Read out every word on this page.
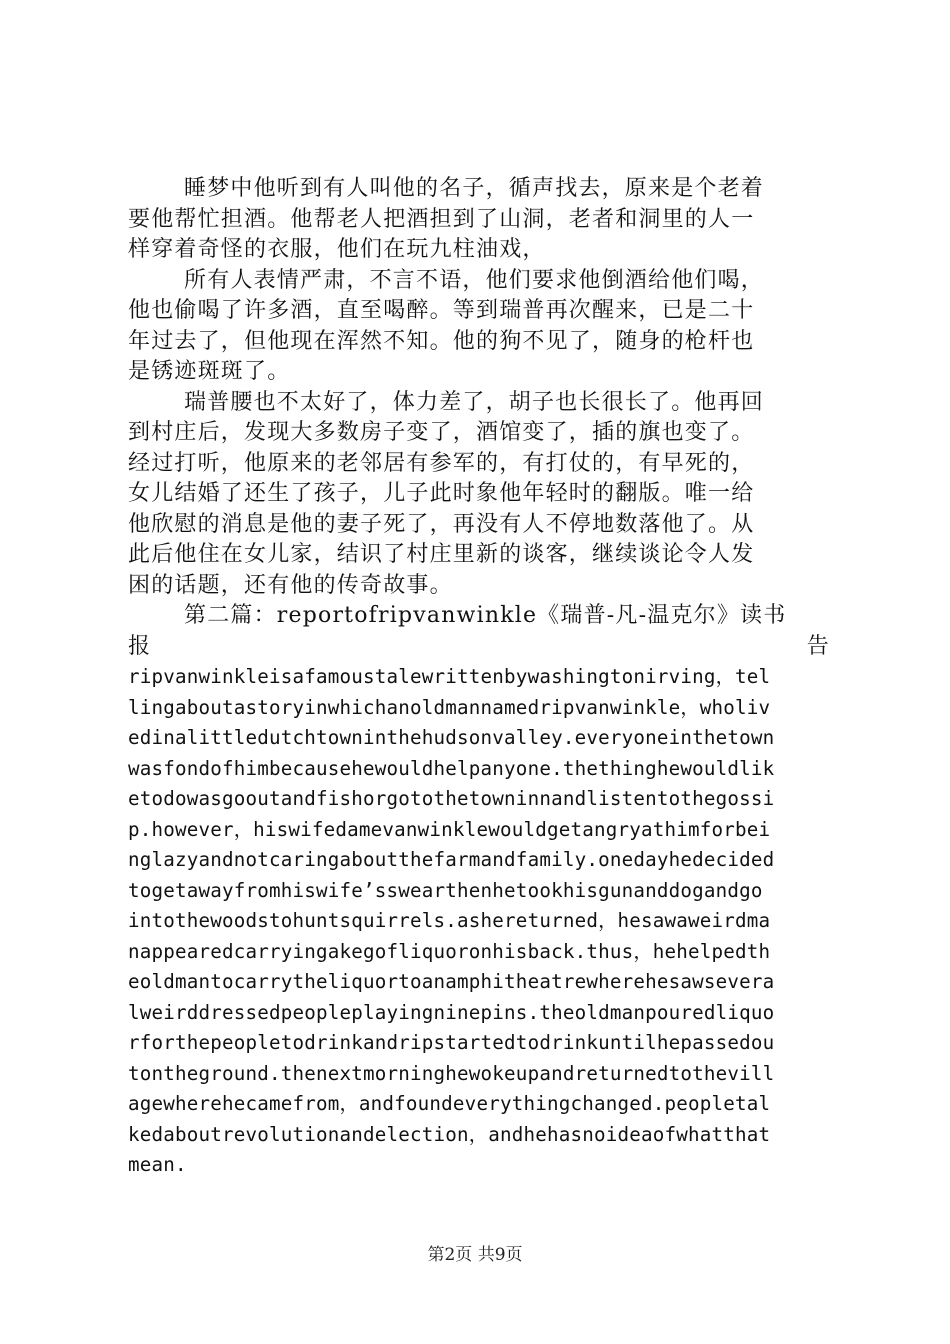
睡梦中他听到有人叫他的名子，循声找去，原来是个老着
要他帮忙担酒。他帮老人把酒担到了山洞，老者和洞里的人一
样穿着奇怪的衣服，他们在玩九柱油戏，
所有人表情严肃，不言不语，他们要求他倒酒给他们喝，
他也偷喝了许多酒，直至喝醉。等到瑞普再次醒来，已是二十
年过去了，但他现在浑然不知。他的狗不见了，随身的枪杆也
是锈迹斑斑了。
瑞普腰也不太好了，体力差了，胡子也长很长了。他再回
到村庄后，发现大多数房子变了，酒馆变了，插的旗也变了。
经过打听，他原来的老邻居有参军的，有打仗的，有早死的，
女儿结婚了还生了孩子，儿子此时象他年轻时的翻版。唯一给
他欣慰的消息是他的妻子死了，再没有人不停地数落他了。从
此后他住在女儿家，结识了村庄里新的谈客，继续谈论令人发
困的话题，还有他的传奇故事。
第二篇：reportofripvanwinkle《瑞普-凡-温克尔》读书
报	告
ripvanwinkleisafamoustalewrittenbywashingtonirving，tel
lingaboutastoryinwhichanoldmannamedripvanwinkle，wholiv
edinalittledutchtowninthehudsonvalley.everyoneinthetown
wasfondofhimbecausehewouldhelpanyone.thethinghewouldlik
etodowasgooutandfishorgotothetowninnandlistentothegossi
p.however，hiswifedamevanwinklewouldgetangryathimforbei
nglazyandnotcaringaboutthefarmandfamily.onedayhedecided
togetawayfromhiswife’sswearthenhetookhisgunanddogandgo
intothewoodstohuntsquirrels.ashereturned，hesawaweirdma
nappearedcarryingakegofliquoronhisback.thus，hehelpedth
eoldmantocarrytheliquortoanamphitheatrewherehesawsevera
lweirddressedpeopleplayingninepins.theoldmanpouredliquo
rforthepeopletodrinkandripstartedtodrinkuntilhepassedou
tontheground.thenextmorninghewokeupandreturnedtothevill
agewherehecamefrom，andfoundeverythingchanged.peopletal
kedaboutrevolutionandelection，andhehasnoideaofwhatthat
mean.
第2页 共9页
